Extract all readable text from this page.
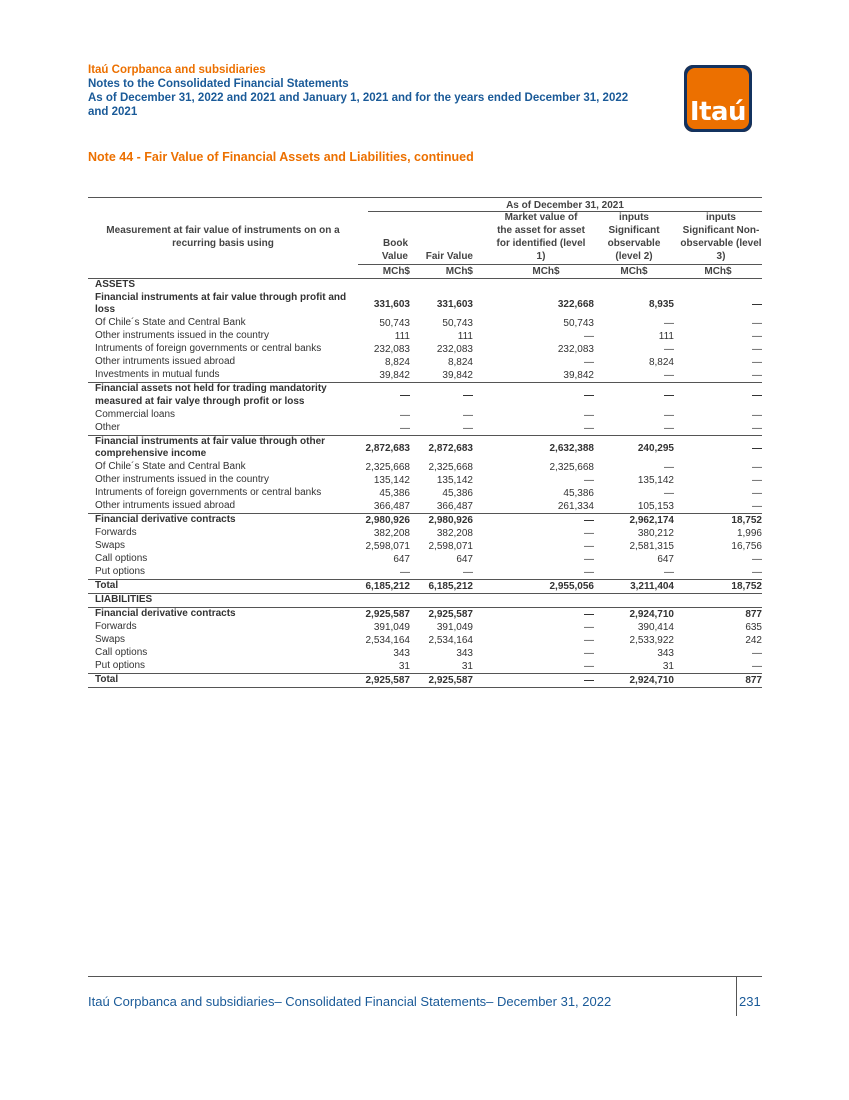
Itaú Corpbanca and subsidiaries
Notes to the Consolidated Financial Statements
As of December 31, 2022 and 2021 and January 1, 2021 and for the years ended December 31, 2022
and 2021	Itaú
Note 44 - Fair Value of Financial Assets and Liabilities, continued
As of December 31, 2021
Measurement at fair value of instruments on on a recurring basis using	Book Value	Fair Value	Market value of the asset for asset for identified (level 1)	inputs Significant observable (level 2)	inputs Significant Non-observable (level 3)
	MCh$	MCh$	MCh$	MCh$	MCh$
ASSETS					
Financial instruments at fair value through profit and loss	331,603	331,603	322,668	8,935	—
Of Chile´s State and Central Bank	50,743	50,743	50,743	—	—
Other instruments issued in the country	111	111	—	111	—
Intruments of foreign governments or central banks	232,083	232,083	232,083	—	—
Other intruments issued abroad	8,824	8,824	—	8,824	—
Investments in mutual funds	39,842	39,842	39,842	—	—
Financial assets not held for trading mandatority measured at fair valye through profit or loss	—	—	—	—	—
Commercial loans	—	—	—	—	—
Other	—	—	—	—	—
Financial instruments at fair value through other comprehensive income	2,872,683	2,872,683	2,632,388	240,295	—
Of Chile´s State and Central Bank	2,325,668	2,325,668	2,325,668	—	—
Other instruments issued in the country	135,142	135,142	—	135,142	—
Intruments of foreign governments or central banks	45,386	45,386	45,386	—	—
Other intruments issued abroad	366,487	366,487	261,334	105,153	—
Financial derivative contracts	2,980,926	2,980,926	—	2,962,174	18,752
Forwards	382,208	382,208	—	380,212	1,996
Swaps	2,598,071	2,598,071	—	2,581,315	16,756
Call options	647	647	—	647	—
Put options	—	—	—	—	—
Total	6,185,212	6,185,212	2,955,056	3,211,404	18,752
LIABILITIES					
Financial derivative contracts	2,925,587	2,925,587	—	2,924,710	877
Forwards	391,049	391,049	—	390,414	635
Swaps	2,534,164	2,534,164	—	2,533,922	242
Call options	343	343	—	343	—
Put options	31	31	—	31	—
Total	2,925,587	2,925,587	—	2,924,710	877
Itaú Corpbanca and subsidiaries– Consolidated Financial Statements– December 31, 2022	231
